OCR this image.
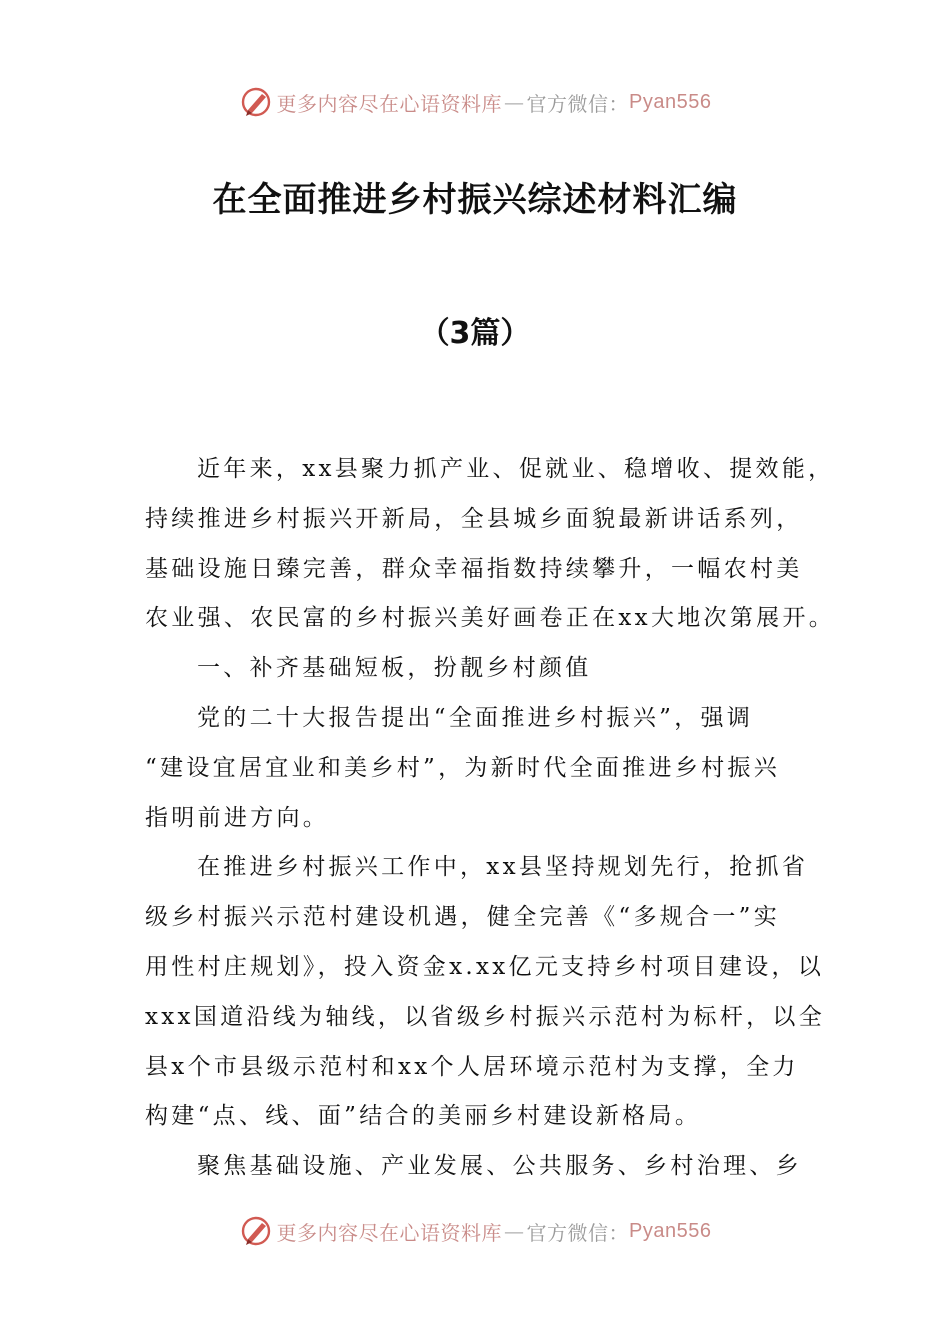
更多内容尽在心语资料库 — 官方微信： Pyan556
在全面推进乡村振兴综述材料汇编
（3篇）
近年来，xx县聚力抓产业、促就业、稳增收、提效能，
持续推进乡村振兴开新局，全县城乡面貌最新讲话系列，
基础设施日臻完善，群众幸福指数持续攀升，一幅农村美
农业强、农民富的乡村振兴美好画卷正在xx大地次第展开。
一、补齐基础短板，扮靓乡村颜值
党的二十大报告提出“全面推进乡村振兴”，强调
“建设宜居宜业和美乡村”，为新时代全面推进乡村振兴
指明前进方向。
在推进乡村振兴工作中，xx县坚持规划先行，抢抓省
级乡村振兴示范村建设机遇，健全完善《“多规合一”实
用性村庄规划》，投入资金x.xx亿元支持乡村项目建设，以
xxx国道沿线为轴线，以省级乡村振兴示范村为标杆，以全
县x个市县级示范村和xx个人居环境示范村为支撑，全力
构建“点、线、面”结合的美丽乡村建设新格局。
聚焦基础设施、产业发展、公共服务、乡村治理、乡
更多内容尽在心语资料库 — 官方微信： Pyan556
